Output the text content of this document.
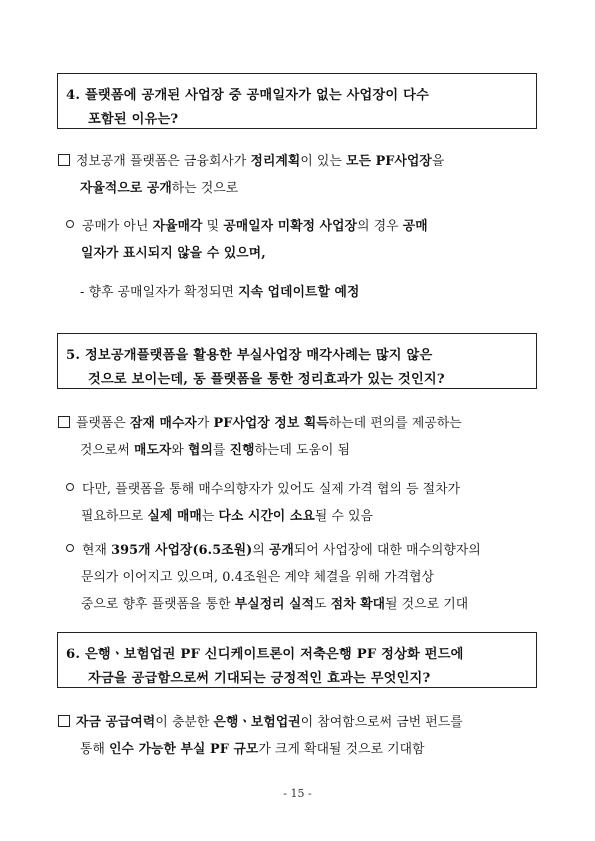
4. 플랫폼에 공개된 사업장 중 공매일자가 없는 사업장이 다수
포함된 이유는?
정보공개 플랫폼은 금융회사가 정리계획이 있는 모든 PF사업장을
자율적으로 공개하는 것으로
공매가 아닌 자율매각 및 공매일자 미확정 사업장의 경우 공매
일자가 표시되지 않을 수 있으며,
- 향후 공매일자가 확정되면 지속 업데이트할 예정
5. 정보공개플랫폼을 활용한 부실사업장 매각사례는 많지 않은
것으로 보이는데, 동 플랫폼을 통한 정리효과가 있는 것인지?
플랫폼은 잠재 매수자가 PF사업장 정보 획득하는데 편의를 제공하는
것으로써 매도자와 협의를 진행하는데 도움이 됨
다만, 플랫폼을 통해 매수의향자가 있어도 실제 가격 협의 등 절차가
필요하므로 실제 매매는 다소 시간이 소요될 수 있음
현재 395개 사업장(6.5조원)의 공개되어 사업장에 대한 매수의향자의
문의가 이어지고 있으며, 0.4조원은 계약 체결을 위해 가격협상
중으로 향후 플랫폼을 통한 부실정리 실적도 점차 확대될 것으로 기대
6. 은행ㆍ보험업권 PF 신디케이트론이 저축은행 PF 정상화 펀드에
자금을 공급함으로써 기대되는 긍정적인 효과는 무엇인지?
자금 공급여력이 충분한 은행ㆍ보험업권이 참여함으로써 금번 펀드를
통해 인수 가능한 부실 PF 규모가 크게 확대될 것으로 기대함
- 15 -
